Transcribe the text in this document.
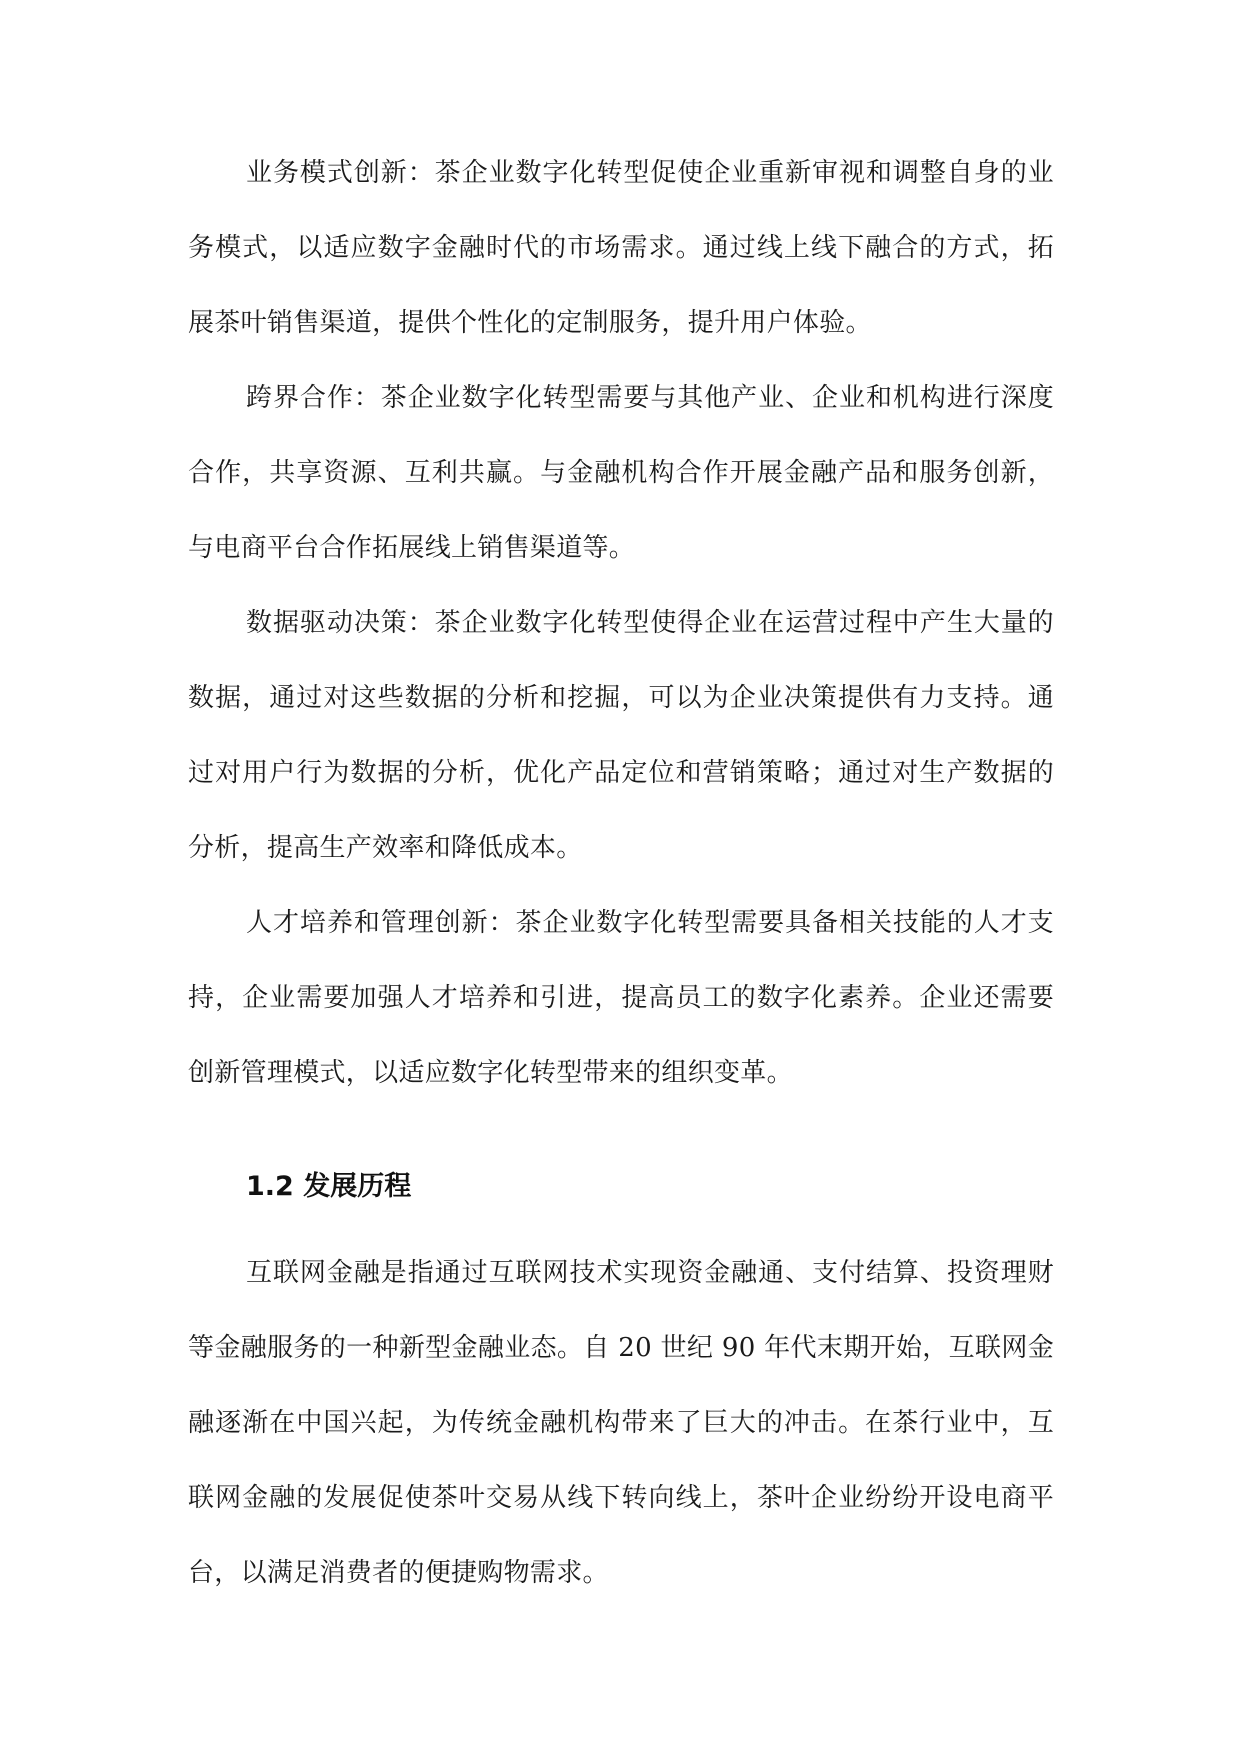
业务模式创新：茶企业数字化转型促使企业重新审视和调整自身的业务模式，以适应数字金融时代的市场需求。通过线上线下融合的方式，拓展茶叶销售渠道，提供个性化的定制服务，提升用户体验。

跨界合作：茶企业数字化转型需要与其他产业、企业和机构进行深度合作，共享资源、互利共赢。与金融机构合作开展金融产品和服务创新，与电商平台合作拓展线上销售渠道等。

数据驱动决策：茶企业数字化转型使得企业在运营过程中产生大量的数据，通过对这些数据的分析和挖掘，可以为企业决策提供有力支持。通过对用户行为数据的分析，优化产品定位和营销策略；通过对生产数据的分析，提高生产效率和降低成本。

人才培养和管理创新：茶企业数字化转型需要具备相关技能的人才支持，企业需要加强人才培养和引进，提高员工的数字化素养。企业还需要创新管理模式，以适应数字化转型带来的组织变革。

1.2 发展历程

互联网金融是指通过互联网技术实现资金融通、支付结算、投资理财等金融服务的一种新型金融业态。自 20 世纪 90 年代末期开始，互联网金融逐渐在中国兴起，为传统金融机构带来了巨大的冲击。在茶行业中，互联网金融的发展促使茶叶交易从线下转向线上，茶叶企业纷纷开设电商平台，以满足消费者的便捷购物需求。
